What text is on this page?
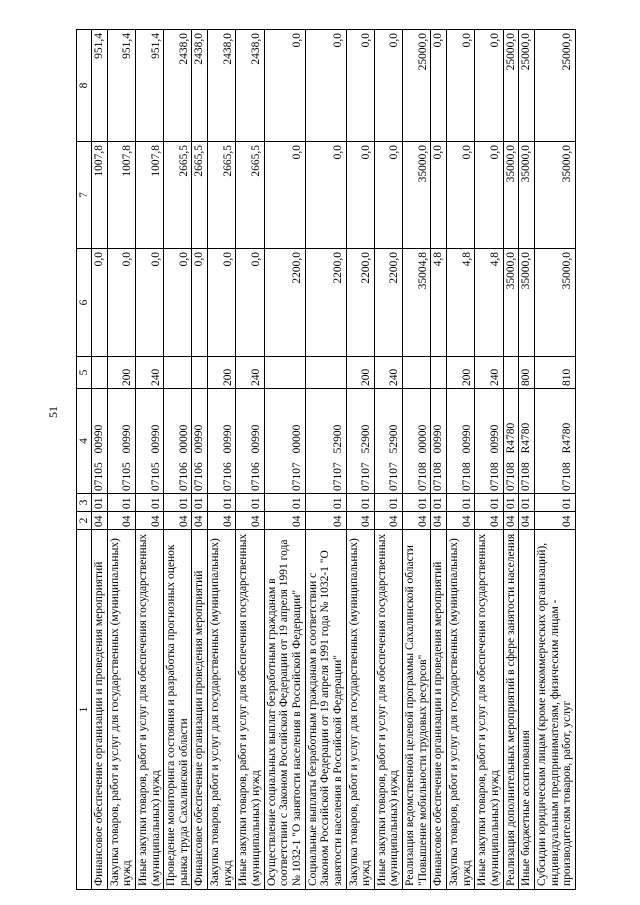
51
1	2	3	4	5	6	7	8
Финансовое обеспечение организации и проведения мероприятий	04	01	07105 00990		0,0	1007,8	951,4
Закупка товаров, работ и услуг для государственных (муниципальных) нужд	04	01	07105 00990	200	0,0	1007,8	951,4
Иные закупки товаров, работ и услуг для обеспечения государственных (муниципальных) нужд	04	01	07105 00990	240	0,0	1007,8	951,4
Проведение мониторинга состояния и разработка прогнозных оценок рынка труда Сахалинской области	04	01	07106 00000		0,0	2665,5	2438,0
Финансовое обеспечение организации проведения мероприятий	04	01	07106 00990		0,0	2665,5	2438,0
Закупка товаров, работ и услуг для государственных (муниципальных) нужд	04	01	07106 00990	200	0,0	2665,5	2438,0
Иные закупки товаров, работ и услуг для обеспечения государственных (муниципальных) нужд	04	01	07106 00990	240	0,0	2665,5	2438,0
Осуществление социальных выплат безработным гражданам в соответствии с Законом Российской Федерации от 19 апреля 1991 года № 1032-1 "О занятости населения в Российской Федерации"	04	01	07107 00000		2200,0	0,0	0,0
Социальные выплаты безработным гражданам в соответствии с Законом Российской Федерации от 19 апреля 1991 года № 1032-1 "О занятости населения в Российской Федерации"	04	01	07107 52900		2200,0	0,0	0,0
Закупка товаров, работ и услуг для государственных (муниципальных) нужд	04	01	07107 52900	200	2200,0	0,0	0,0
Иные закупки товаров, работ и услуг для обеспечения государственных (муниципальных) нужд	04	01	07107 52900	240	2200,0	0,0	0,0
Реализация ведомственной целевой программы Сахалинской области "Повышение мобильности трудовых ресурсов"	04	01	07108 00000		35004,8	35000,0	25000,0
Финансовое обеспечение организации и проведения мероприятий	04	01	07108 00990		4,8	0,0	0,0
Закупка товаров, работ и услуг для государственных (муниципальных) нужд	04	01	07108 00990	200	4,8	0,0	0,0
Иные закупки товаров, работ и услуг для обеспечения государственных (муниципальных) нужд	04	01	07108 00990	240	4,8	0,0	0,0
Реализация дополнительных мероприятий в сфере занятости населения	04	01	07108 R4780		35000,0	35000,0	25000,0
Иные бюджетные ассигнования	04	01	07108 R4780	800	35000,0	35000,0	25000,0
Субсидии юридическим лицам (кроме некоммерческих организаций), индивидуальным предпринимателям, физическим лицам - производителям товаров, работ, услуг	04	01	07108 R4780	810	35000,0	35000,0	25000,0
